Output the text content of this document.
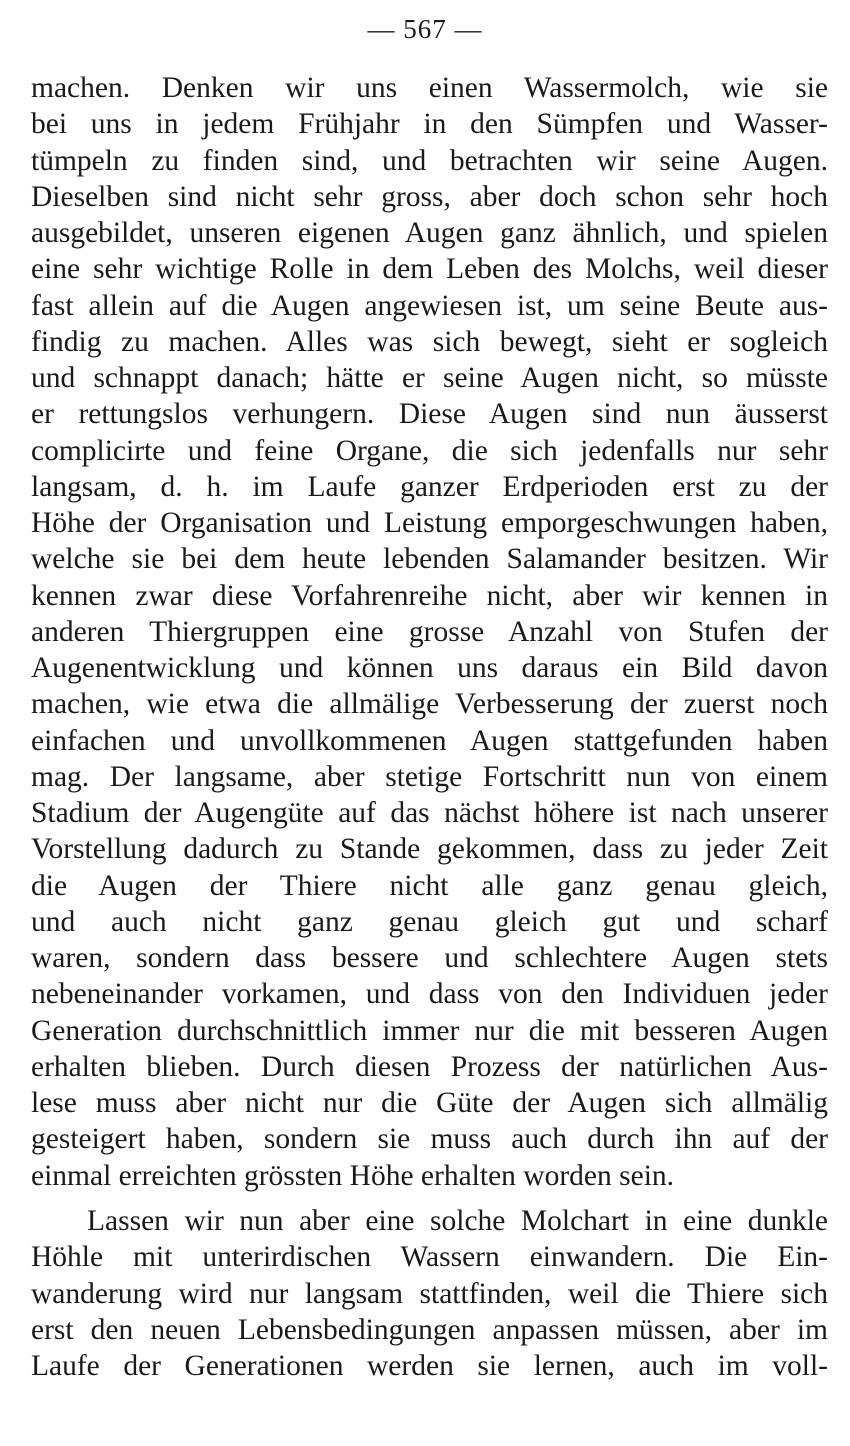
— 567 —
machen. Denken wir uns einen Wassermolch, wie sie
bei uns in jedem Frühjahr in den Sümpfen und Wasser-
tümpeln zu finden sind, und betrachten wir seine Augen.
Dieselben sind nicht sehr gross, aber doch schon sehr hoch
ausgebildet, unseren eigenen Augen ganz ähnlich, und spielen
eine sehr wichtige Rolle in dem Leben des Molchs, weil dieser
fast allein auf die Augen angewiesen ist, um seine Beute aus-
findig zu machen. Alles was sich bewegt, sieht er sogleich
und schnappt danach; hätte er seine Augen nicht, so müsste
er rettungslos verhungern. Diese Augen sind nun äusserst
complicirte und feine Organe, die sich jedenfalls nur sehr
langsam, d. h. im Laufe ganzer Erdperioden erst zu der
Höhe der Organisation und Leistung emporgeschwungen haben,
welche sie bei dem heute lebenden Salamander besitzen. Wir
kennen zwar diese Vorfahrenreihe nicht, aber wir kennen in
anderen Thiergruppen eine grosse Anzahl von Stufen der
Augenentwicklung und können uns daraus ein Bild davon
machen, wie etwa die allmälige Verbesserung der zuerst noch
einfachen und unvollkommenen Augen stattgefunden haben
mag. Der langsame, aber stetige Fortschritt nun von einem
Stadium der Augengüte auf das nächst höhere ist nach unserer
Vorstellung dadurch zu Stande gekommen, dass zu jeder Zeit
die Augen der Thiere nicht alle ganz genau gleich,
und auch nicht ganz genau gleich gut und scharf
waren, sondern dass bessere und schlechtere Augen stets
nebeneinander vorkamen, und dass von den Individuen jeder
Generation durchschnittlich immer nur die mit besseren Augen
erhalten blieben. Durch diesen Prozess der natürlichen Aus-
lese muss aber nicht nur die Güte der Augen sich allmälig
gesteigert haben, sondern sie muss auch durch ihn auf der
einmal erreichten grössten Höhe erhalten worden sein.
Lassen wir nun aber eine solche Molchart in eine dunkle
Höhle mit unterirdischen Wassern einwandern. Die Ein-
wanderung wird nur langsam stattfinden, weil die Thiere sich
erst den neuen Lebensbedingungen anpassen müssen, aber im
Laufe der Generationen werden sie lernen, auch im voll-
